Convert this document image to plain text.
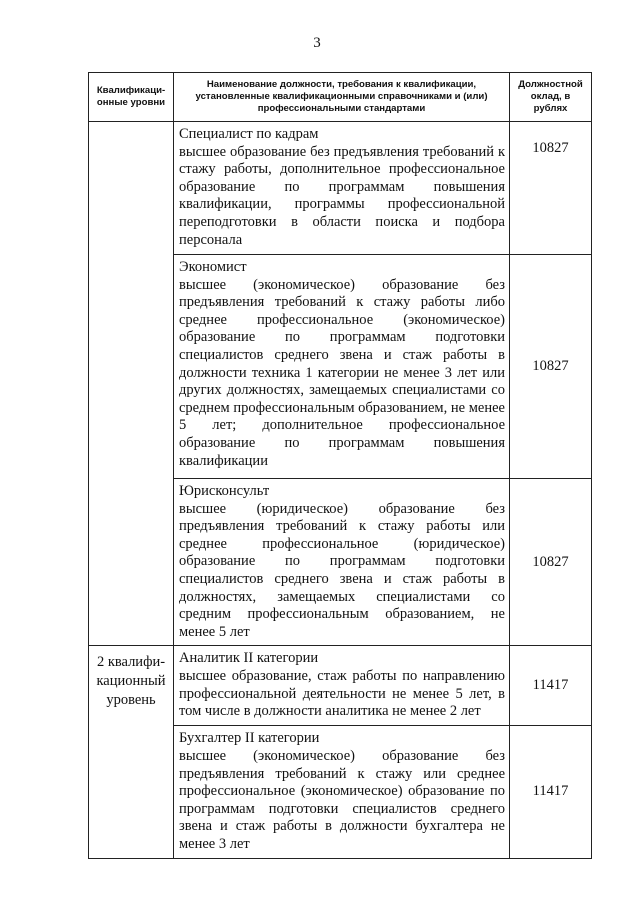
3
Квалификаци-онные уровни	Наименование должности, требования к квалификации, установленные квалификационными справочниками и (или) профессиональными стандартами	Должностной оклад, в рублях

	Специалист по кадрам
высшее образование без предъявления требований к стажу работы, дополнительное профессиональное образование по программам повышения квалификации, программы профессиональной переподготовки в области поиска и подбора персонала	10827

	Экономист
высшее (экономическое) образование без предъявления требований к стажу работы либо среднее профессиональное (экономическое) образование по программам подготовки специалистов среднего звена и стаж работы в должности техника 1 категории не менее 3 лет или других должностях, замещаемых специалистами со среднем профессиональным образованием, не менее 5 лет; дополнительное профессиональное образование по программам повышения квалификации	10827

	Юрисконсульт
высшее (юридическое) образование без предъявления требований к стажу работы или среднее профессиональное (юридическое) образование по программам подготовки специалистов среднего звена и стаж работы в должностях, замещаемых специалистами со средним профессиональным образованием, не менее 5 лет	10827
2 квалифи-кационный уровень	Аналитик II категории
высшее образование, стаж работы по направлению профессиональной деятельности не менее 5 лет, в том числе в должности аналитика не менее 2 лет	11417

	Бухгалтер II категории
высшее (экономическое) образование без предъявления требований к стажу или среднее профессиональное (экономическое) образование по программам подготовки специалистов среднего звена и стаж работы в должности бухгалтера не менее 3 лет	11417
